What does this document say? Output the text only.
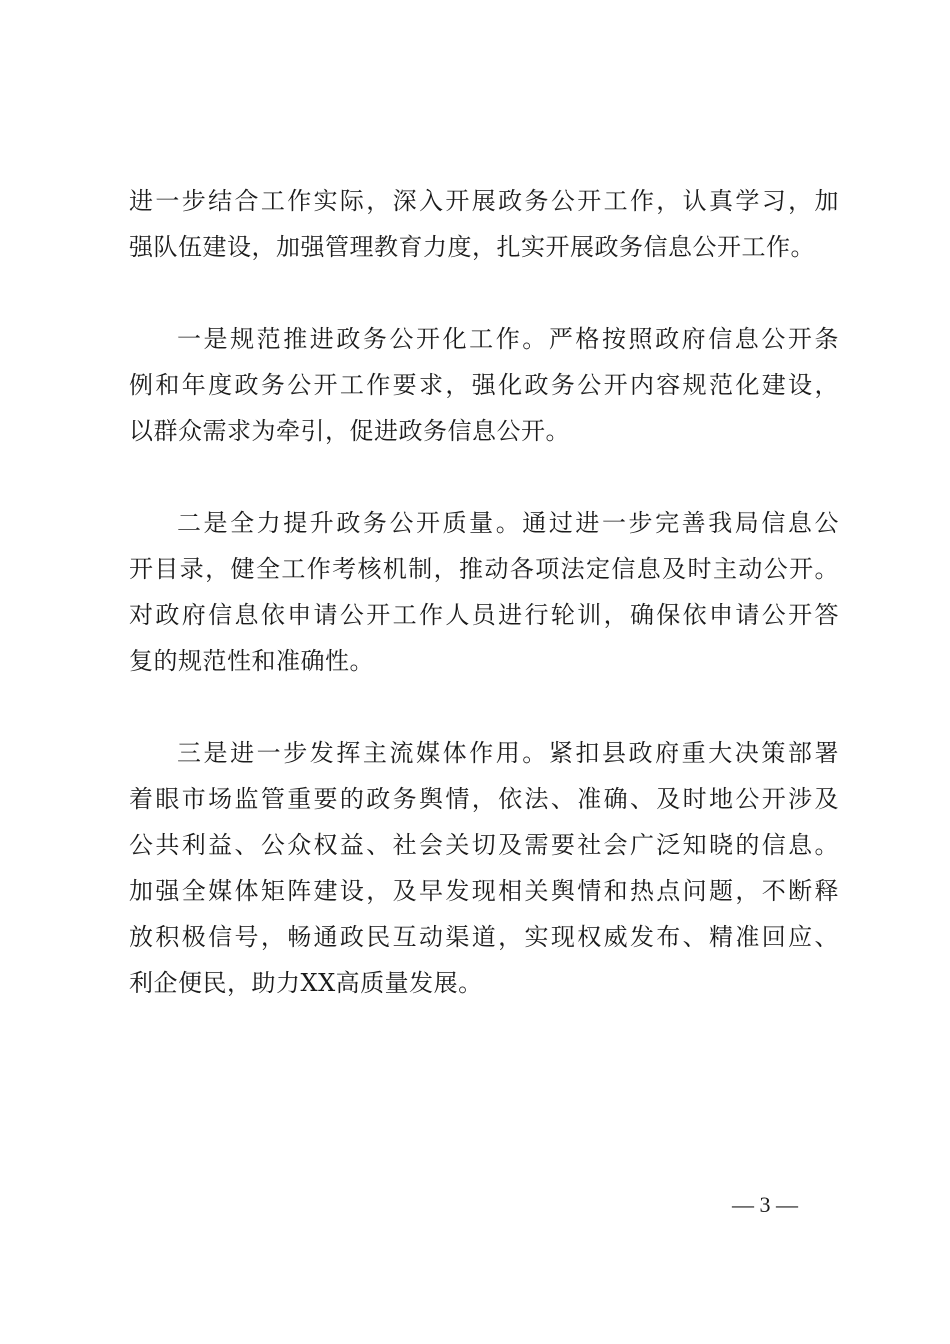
进一步结合工作实际，深入开展政务公开工作，认真学习，加
强队伍建设，加强管理教育力度，扎实开展政务信息公开工作。
一是规范推进政务公开化工作。严格按照政府信息公开条
例和年度政务公开工作要求，强化政务公开内容规范化建设，
以群众需求为牵引，促进政务信息公开。
二是全力提升政务公开质量。通过进一步完善我局信息公
开目录，健全工作考核机制，推动各项法定信息及时主动公开。
对政府信息依申请公开工作人员进行轮训，确保依申请公开答
复的规范性和准确性。
三是进一步发挥主流媒体作用。紧扣县政府重大决策部署
着眼市场监管重要的政务舆情，依法、准确、及时地公开涉及
公共利益、公众权益、社会关切及需要社会广泛知晓的信息。
加强全媒体矩阵建设，及早发现相关舆情和热点问题，不断释
放积极信号，畅通政民互动渠道，实现权威发布、精准回应、
利企便民，助力XX高质量发展。
— 3 —
